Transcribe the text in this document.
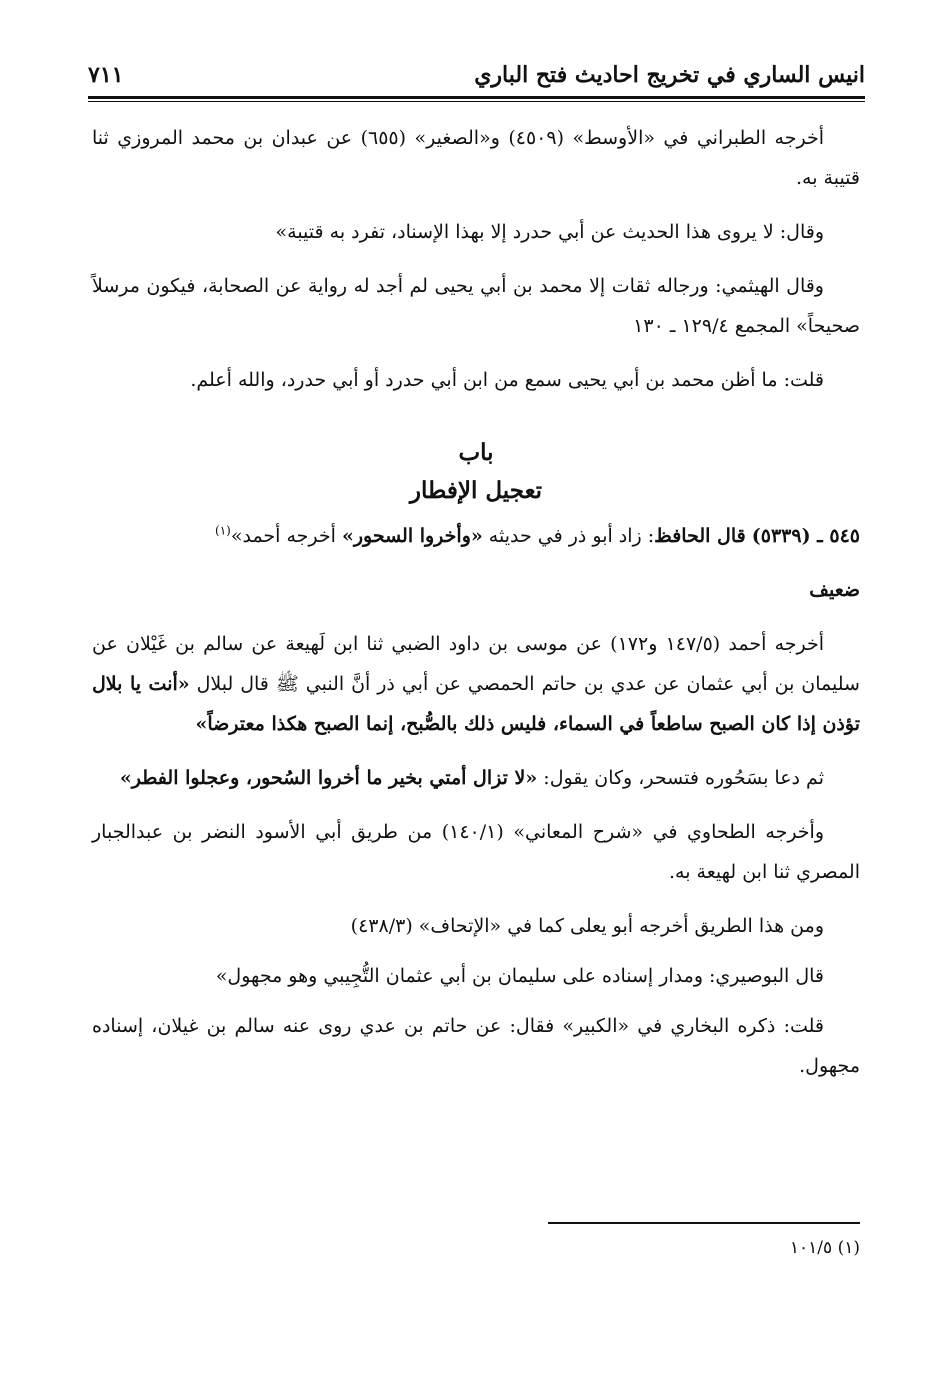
انيس الساري في تخريج احاديث فتح الباري
٧١١

أخرجه الطبراني في «الأوسط» (٤٥٠٩) و«الصغير» (٦٥٥) عن عبدان بن محمد المروزي ثنا قتيبة به.

وقال: لا يروى هذا الحديث عن أبي حدرد إلا بهذا الإسناد، تفرد به قتيبة»

وقال الهيثمي: ورجاله ثقات إلا محمد بن أبي يحيى لم أجد له رواية عن الصحابة، فيكون مرسلاً صحيحاً» المجمع ١٢٩/٤ ـ ١٣٠

قلت: ما أظن محمد بن أبي يحيى سمع من ابن أبي حدرد أو أبي حدرد، والله أعلم.

باب

تعجيل الإفطار

٥٤٥ ـ (٥٣٣٩) قال الحافظ: زاد أبو ذر في حديثه «وأخروا السحور» أخرجه أحمد»$^{(١)}$

ضعيف

أخرجه أحمد (١٤٧/٥ و١٧٢) عن موسى بن داود الضبي ثنا ابن لَهيعة عن سالم بن غَيْلان عن سليمان بن أبي عثمان عن عدي بن حاتم الحمصي عن أبي ذر أنَّ النبي ﷺ قال لبلال «أنت يا بلال تؤذن إذا كان الصبح ساطعاً في السماء، فليس ذلك بالصُّبح، إنما الصبح هكذا معترضاً»

ثم دعا بسَحُوره فتسحر، وكان يقول: «لا تزال أمتي بخير ما أخروا السُحور، وعجلوا الفطر»

وأخرجه الطحاوي في «شرح المعاني» (١٤٠/١) من طريق أبي الأسود النضر بن عبدالجبار المصري ثنا ابن لهيعة به.

ومن هذا الطريق أخرجه أبو يعلى كما في «الإتحاف» (٤٣٨/٣)

قال البوصيري: ومدار إسناده على سليمان بن أبي عثمان التُّجِيبي وهو مجهول»

قلت: ذكره البخاري في «الكبير» فقال: عن حاتم بن عدي روى عنه سالم بن غيلان، إسناده مجهول.

(١) ١٠١/٥
